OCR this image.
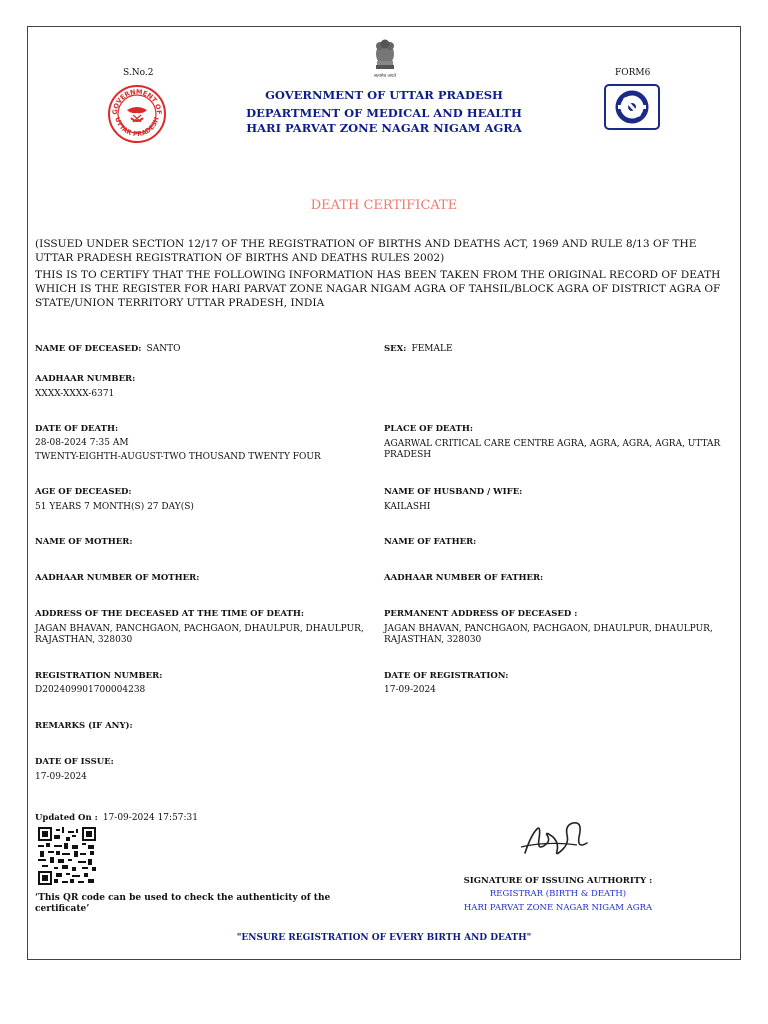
सत्यमेव जयते
S.No.2	FORM6
GOVERNMENT OF
UTTAR PRADESH
GOVERNMENT OF UTTAR PRADESH
DEPARTMENT OF MEDICAL AND HEALTH
HARI PARVAT ZONE NAGAR NIGAM AGRA
DEATH CERTIFICATE
(ISSUED UNDER SECTION 12/17 OF THE REGISTRATION OF BIRTHS AND DEATHS ACT, 1969 AND RULE 8/13 OF THE UTTAR PRADESH REGISTRATION OF BIRTHS AND DEATHS RULES 2002)
THIS IS TO CERTIFY THAT THE FOLLOWING INFORMATION HAS BEEN TAKEN FROM THE ORIGINAL RECORD OF DEATH WHICH IS THE REGISTER FOR HARI PARVAT ZONE NAGAR NIGAM AGRA OF TAHSIL/BLOCK AGRA OF DISTRICT AGRA OF STATE/UNION TERRITORY UTTAR PRADESH, INDIA
NAME OF DECEASED: SANTO	SEX: FEMALE
AADHAAR NUMBER:
XXXX-XXXX-6371
DATE OF DEATH:
28-08-2024 7:35 AM
TWENTY-EIGHTH-AUGUST-TWO THOUSAND TWENTY FOUR
PLACE OF DEATH:
AGARWAL CRITICAL CARE CENTRE AGRA, AGRA, AGRA, AGRA, UTTAR PRADESH
AGE OF DECEASED:
51 YEARS 7 MONTH(S) 27 DAY(S)
NAME OF HUSBAND / WIFE:
KAILASHI
NAME OF MOTHER:	NAME OF FATHER:
AADHAAR NUMBER OF MOTHER:	AADHAAR NUMBER OF FATHER:
ADDRESS OF THE DECEASED AT THE TIME OF DEATH:
JAGAN BHAVAN, PANCHGAON, PACHGAON, DHAULPUR, DHAULPUR, RAJASTHAN, 328030
PERMANENT ADDRESS OF DECEASED :
JAGAN BHAVAN, PANCHGAON, PACHGAON, DHAULPUR, DHAULPUR, RAJASTHAN, 328030
REGISTRATION NUMBER:
D202409901700004238
DATE OF REGISTRATION:
17-09-2024
REMARKS (IF ANY):
DATE OF ISSUE:
17-09-2024
Updated On : 17-09-2024 17:57:31
‘This QR code can be used to check the authenticity of the certificate’
SIGNATURE OF ISSUING AUTHORITY :
REGISTRAR (BIRTH & DEATH)
HARI PARVAT ZONE NAGAR NIGAM AGRA
"ENSURE REGISTRATION OF EVERY BIRTH AND DEATH"
